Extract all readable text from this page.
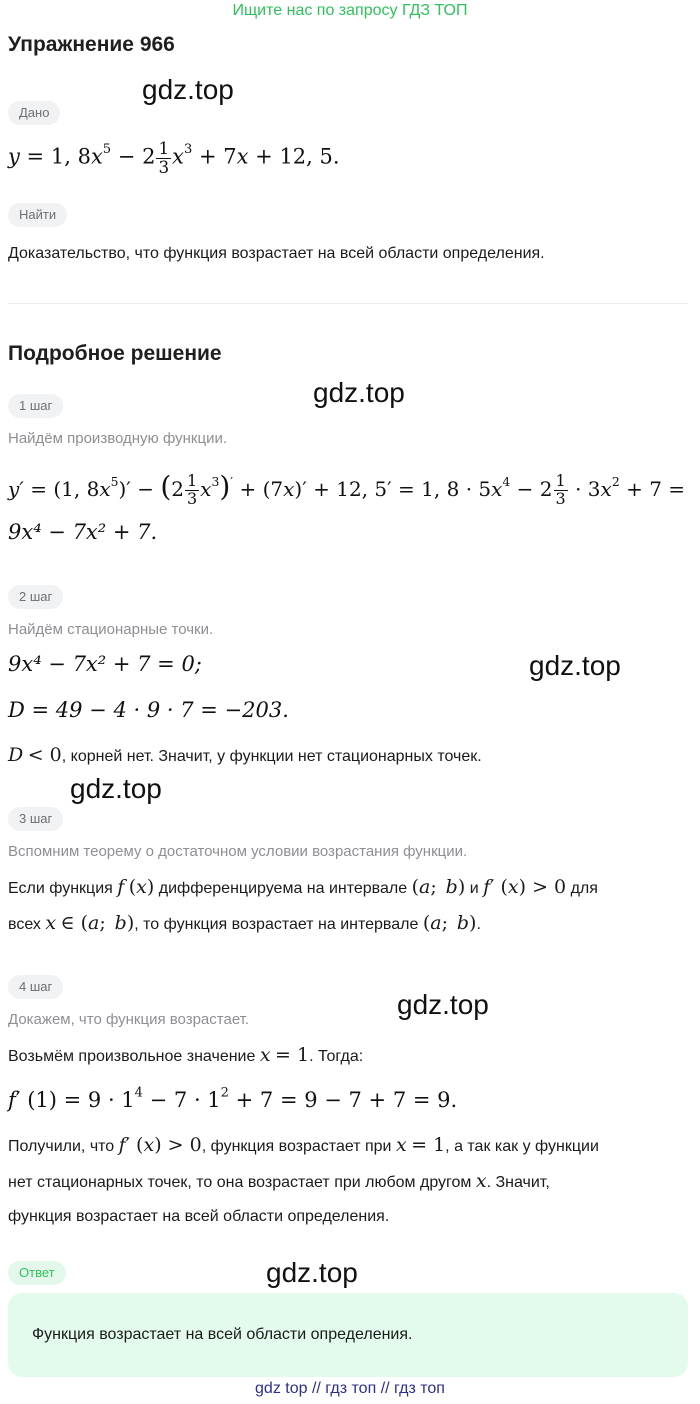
Ищите нас по запросу ГДЗ ТОП
Упражнение 966
gdz.top
gdz.top
gdz.top
gdz.top
gdz.top
gdz.top
Дано
y = 1, $8x^5 - 2 \frac{1}{3} x^3 + 7x + 12$, 5.
Найти
Доказательство, что функция возрастает на всей области определения.
Подробное решение
1 шаг
Найдём производную функции.
y′ = (1, $8x^5)' - (2 \frac{1}{3} x^3)' + (7x)' + 12$, 5′ = 1, $8 \cdot 5x^4 - 2 \frac{1}{3} \cdot 3x^2 + 7$ =
9x⁴ − 7x² + 7.
2 шаг
Найдём стационарные точки.
9x⁴ − 7x² + 7 = 0;
D = 49 − 4 · 9 · 7 = −203.
D < 0, корней нет. Значит, у функции нет стационарных точек.
3 шаг
Вспомним теорему о достаточном условии возрастания функции.
Если функция f (x) дифференцируема на интервале (a; b) и f′ (x) > 0 для
всех x ∈ (a; b), то функция возрастает на интервале (a; b).
4 шаг
Докажем, что функция возрастает.
Возьмём произвольное значение x = 1. Тогда:
f′ $(1) = 9 \cdot 1^4 - 7 \cdot 1^2 + 7 = 9 - 7 + 7 = 9$.
Получили, что f′ (x) > 0, функция возрастает при x = 1, а так как у функции
нет стационарных точек, то она возрастает при любом другом x. Значит,
функция возрастает на всей области определения.
Ответ
Функция возрастает на всей области определения.
gdz top // гдз топ // гдз топ
